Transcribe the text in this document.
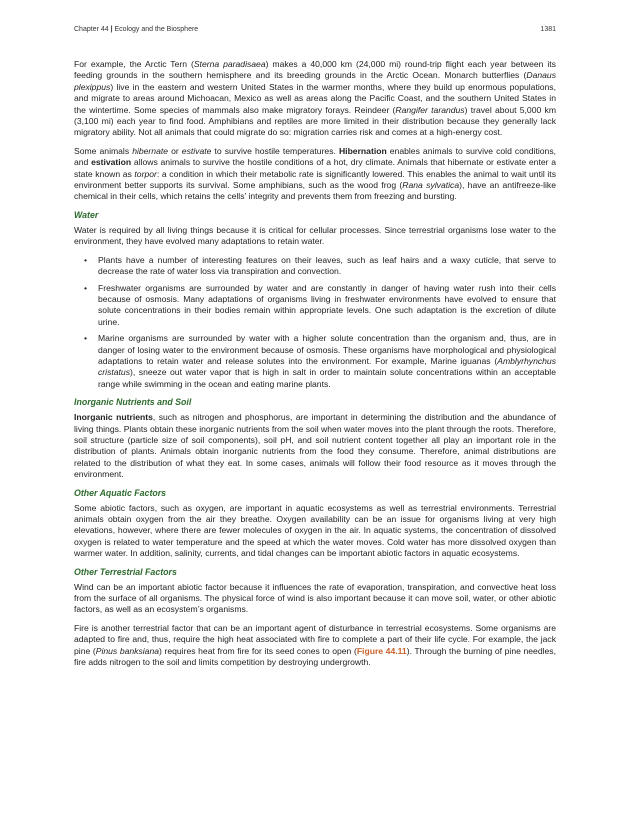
Chapter 44 | Ecology and the Biosphere	1381

For example, the Arctic Tern (Sterna paradisaea) makes a 40,000 km (24,000 mi) round-trip flight each year between its feeding grounds in the southern hemisphere and its breeding grounds in the Arctic Ocean. Monarch butterflies (Danaus plexippus) live in the eastern and western United States in the warmer months, where they build up enormous populations, and migrate to areas around Michoacan, Mexico as well as areas along the Pacific Coast, and the southern United States in the wintertime. Some species of mammals also make migratory forays. Reindeer (Rangifer tarandus) travel about 5,000 km (3,100 mi) each year to find food. Amphibians and reptiles are more limited in their distribution because they generally lack migratory ability. Not all animals that could migrate do so: migration carries risk and comes at a high-energy cost.

Some animals hibernate or estivate to survive hostile temperatures. Hibernation enables animals to survive cold conditions, and estivation allows animals to survive the hostile conditions of a hot, dry climate. Animals that hibernate or estivate enter a state known as torpor: a condition in which their metabolic rate is significantly lowered. This enables the animal to wait until its environment better supports its survival. Some amphibians, such as the wood frog (Rana sylvatica), have an antifreeze-like chemical in their cells, which retains the cells’ integrity and prevents them from freezing and bursting.

Water

Water is required by all living things because it is critical for cellular processes. Since terrestrial organisms lose water to the environment, they have evolved many adaptations to retain water.

• Plants have a number of interesting features on their leaves, such as leaf hairs and a waxy cuticle, that serve to decrease the rate of water loss via transpiration and convection.
• Freshwater organisms are surrounded by water and are constantly in danger of having water rush into their cells because of osmosis. Many adaptations of organisms living in freshwater environments have evolved to ensure that solute concentrations in their bodies remain within appropriate levels. One such adaptation is the excretion of dilute urine.
• Marine organisms are surrounded by water with a higher solute concentration than the organism and, thus, are in danger of losing water to the environment because of osmosis. These organisms have morphological and physiological adaptations to retain water and release solutes into the environment. For example, Marine iguanas (Amblyrhynchus cristatus), sneeze out water vapor that is high in salt in order to maintain solute concentrations within an acceptable range while swimming in the ocean and eating marine plants.
Inorganic Nutrients and Soil

Inorganic nutrients, such as nitrogen and phosphorus, are important in determining the distribution and the abundance of living things. Plants obtain these inorganic nutrients from the soil when water moves into the plant through the roots. Therefore, soil structure (particle size of soil components), soil pH, and soil nutrient content together all play an important role in the distribution of plants. Animals obtain inorganic nutrients from the food they consume. Therefore, animal distributions are related to the distribution of what they eat. In some cases, animals will follow their food resource as it moves through the environment.

Other Aquatic Factors

Some abiotic factors, such as oxygen, are important in aquatic ecosystems as well as terrestrial environments. Terrestrial animals obtain oxygen from the air they breathe. Oxygen availability can be an issue for organisms living at very high elevations, however, where there are fewer molecules of oxygen in the air. In aquatic systems, the concentration of dissolved oxygen is related to water temperature and the speed at which the water moves. Cold water has more dissolved oxygen than warmer water. In addition, salinity, currents, and tidal changes can be important abiotic factors in aquatic ecosystems.

Other Terrestrial Factors

Wind can be an important abiotic factor because it influences the rate of evaporation, transpiration, and convective heat loss from the surface of all organisms. The physical force of wind is also important because it can move soil, water, or other abiotic factors, as well as an ecosystem’s organisms.

Fire is another terrestrial factor that can be an important agent of disturbance in terrestrial ecosystems. Some organisms are adapted to fire and, thus, require the high heat associated with fire to complete a part of their life cycle. For example, the jack pine (Pinus banksiana) requires heat from fire for its seed cones to open (Figure 44.11). Through the burning of pine needles, fire adds nitrogen to the soil and limits competition by destroying undergrowth.
